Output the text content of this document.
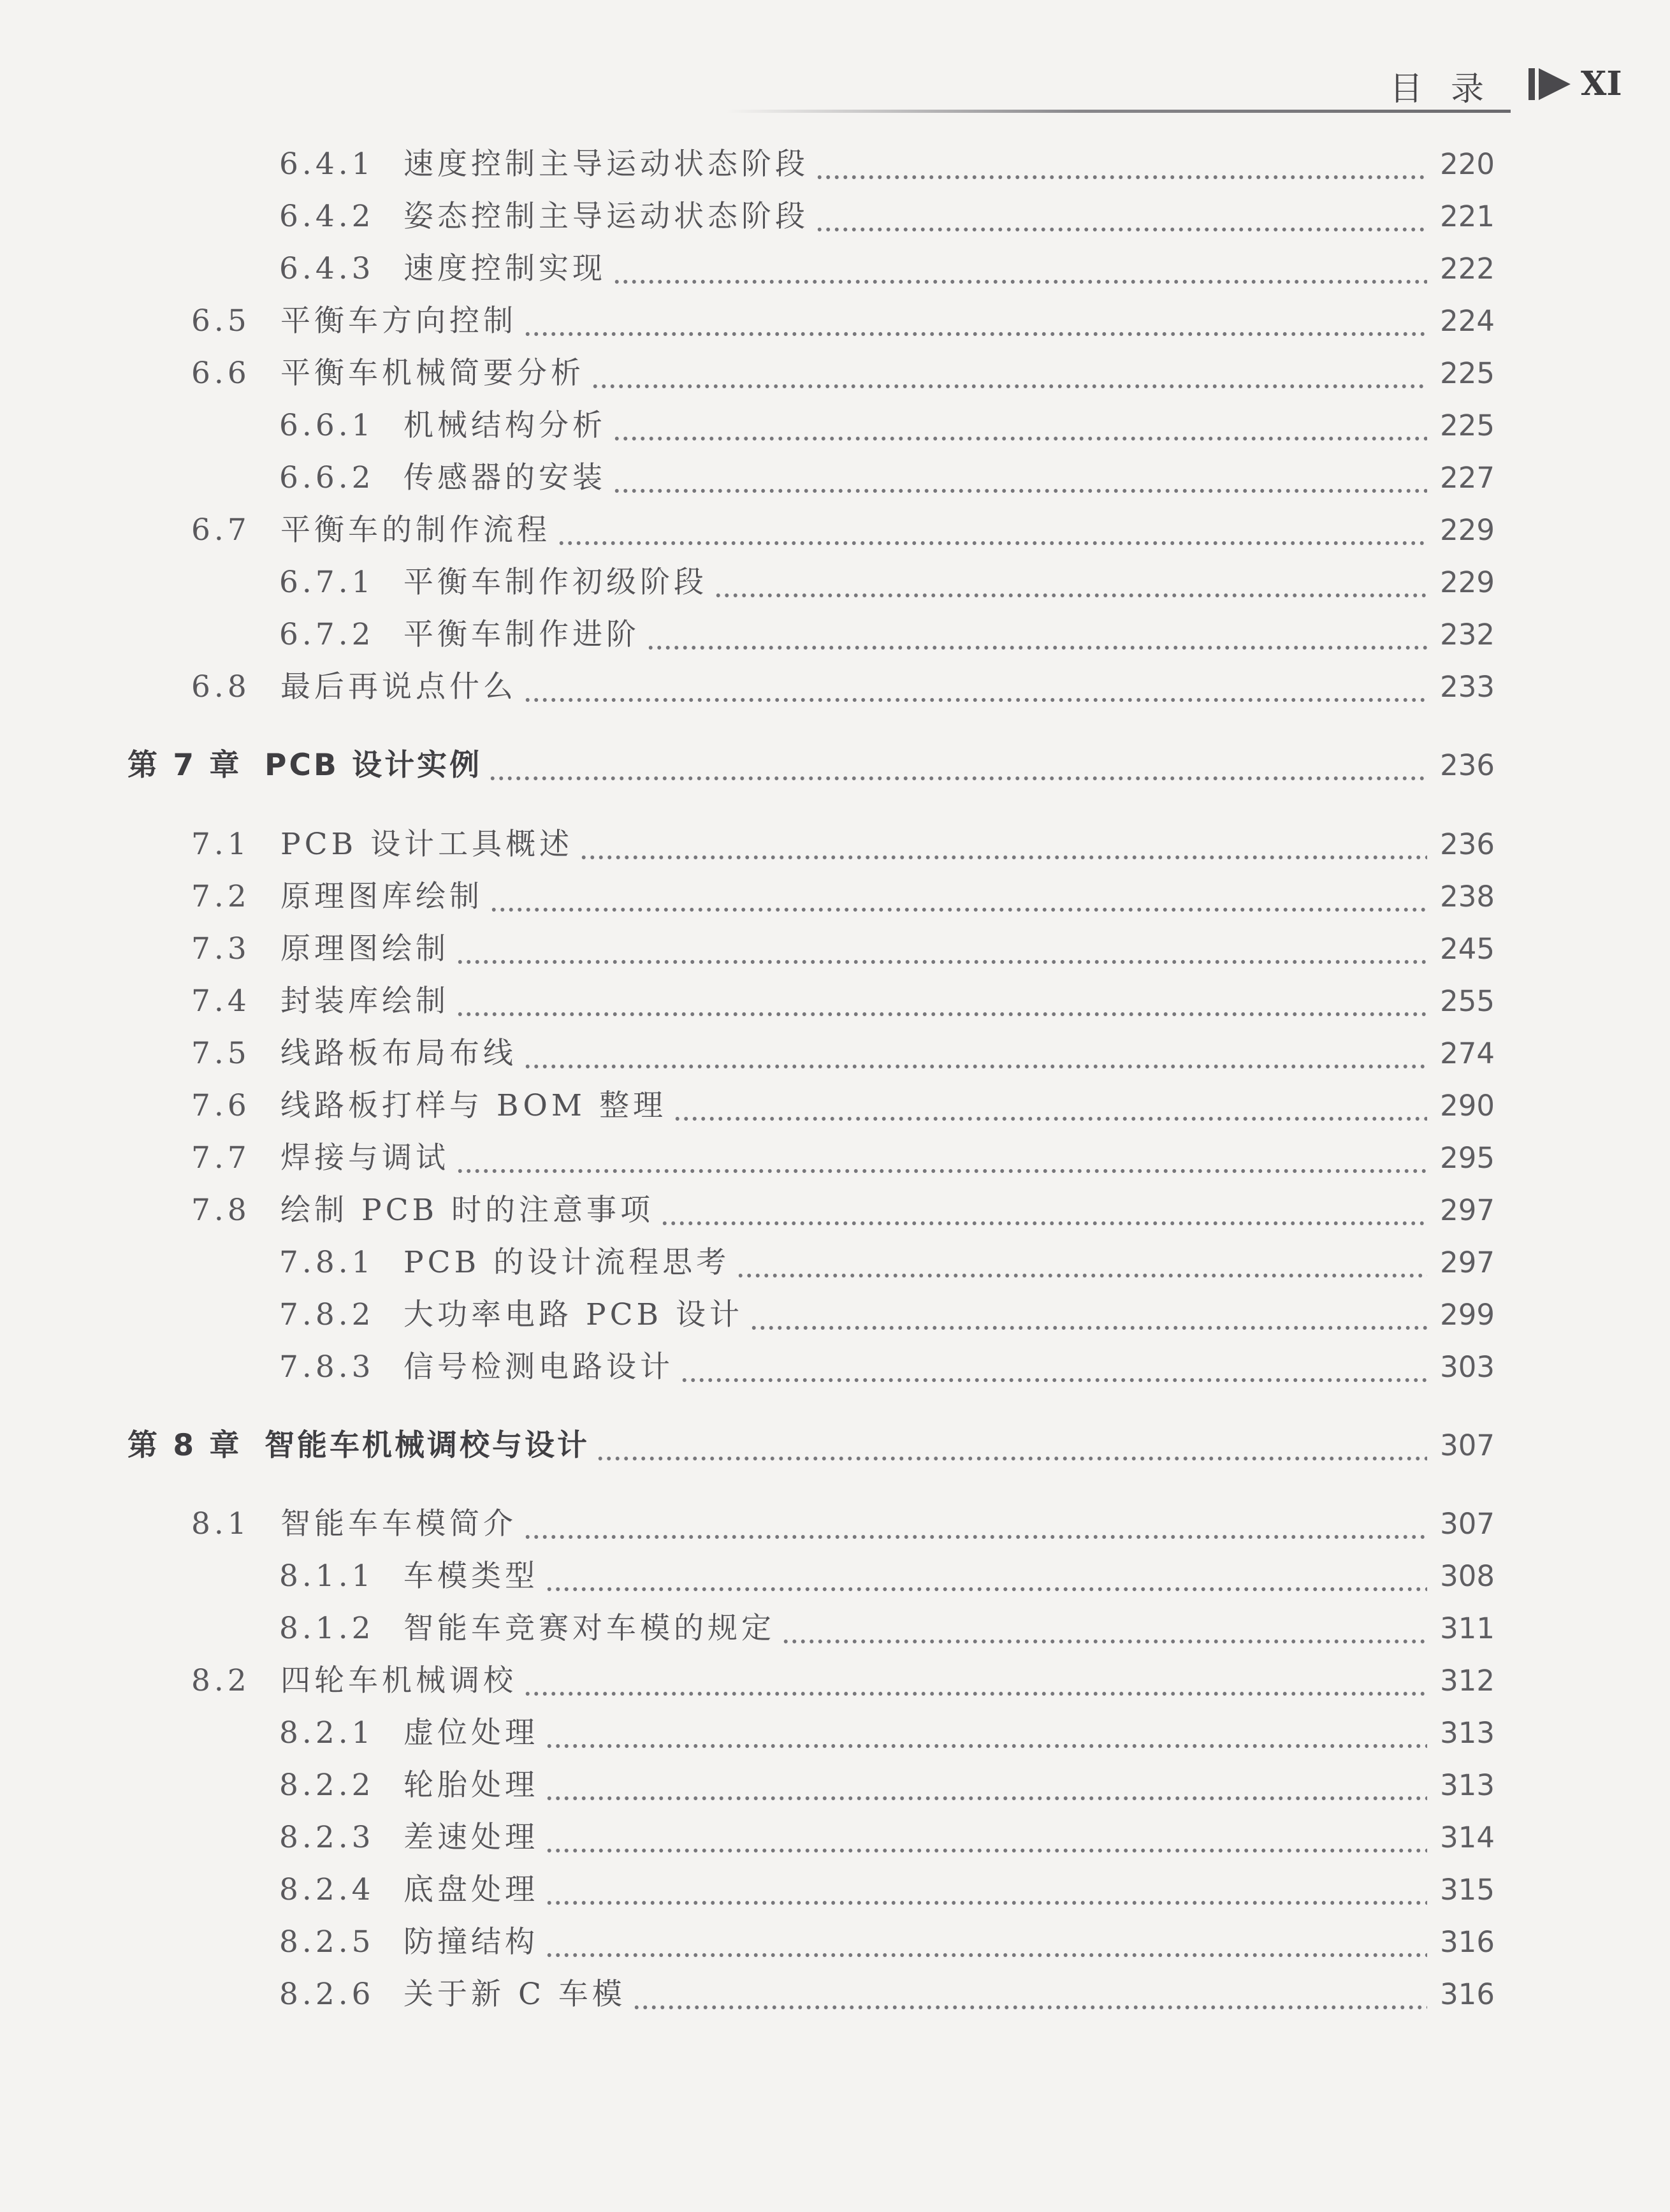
目录 XI
6.4.1 速度控制主导运动状态阶段	220
6.4.2 姿态控制主导运动状态阶段	221
6.4.3 速度控制实现	222
6.5	平衡车方向控制	224
6.6	平衡车机械简要分析	225
6.6.1 机械结构分析	225
6.6.2 传感器的安装	227
6.7	平衡车的制作流程	229
6.7.1 平衡车制作初级阶段	229
6.7.2 平衡车制作进阶	232
6.8	最后再说点什么	233
第 7 章 PCB 设计实例	236
7.1	PCB 设计工具概述	236
7.2	原理图库绘制	238
7.3	原理图绘制	245
7.4	封装库绘制	255
7.5	线路板布局布线	274
7.6	线路板打样与 BOM 整理	290
7.7	焊接与调试	295
7.8	绘制 PCB 时的注意事项	297
7.8.1 PCB 的设计流程思考	297
7.8.2 大功率电路 PCB 设计	299
7.8.3 信号检测电路设计	303
第 8 章 智能车机械调校与设计	307
8.1	智能车车模简介	307
8.1.1 车模类型	308
8.1.2 智能车竞赛对车模的规定	311
8.2	四轮车机械调校	312
8.2.1 虚位处理	313
8.2.2 轮胎处理	313
8.2.3 差速处理	314
8.2.4 底盘处理	315
8.2.5 防撞结构	316
8.2.6 关于新 C 车模	316
